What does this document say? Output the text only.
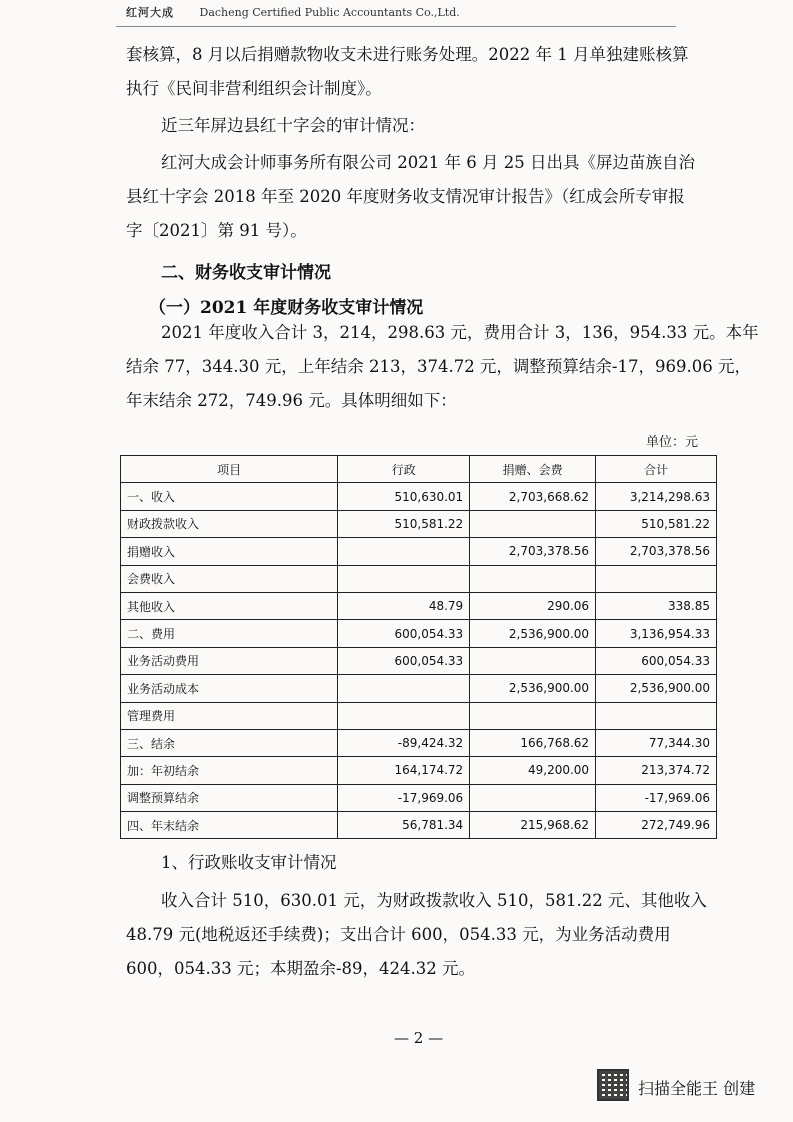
红河大成 Dacheng Certified Public Accountants Co.,Ltd.
套核算，8 月以后捐赠款物收支未进行账务处理。2022 年 1 月单独建账核算
执行《民间非营利组织会计制度》。
近三年屏边县红十字会的审计情况：
红河大成会计师事务所有限公司 2021 年 6 月 25 日出具《屏边苗族自治
县红十字会 2018 年至 2020 年度财务收支情况审计报告》（红成会所专审报
字〔2021〕第 91 号）。
二、财务收支审计情况
（一）2021 年度财务收支审计情况
2021 年度收入合计 3，214，298.63 元，费用合计 3，136，954.33 元。本年
结余 77，344.30 元，上年结余 213，374.72 元，调整预算结余-17，969.06 元，
年末结余 272，749.96 元。具体明细如下：
单位：元
项目	行政	捐赠、会费	合计
一、收入	510,630.01	2,703,668.62	3,214,298.63
财政拨款收入	510,581.22		510,581.22
捐赠收入		2,703,378.56	2,703,378.56
会费收入			
其他收入	48.79	290.06	338.85
二、费用	600,054.33	2,536,900.00	3,136,954.33
业务活动费用	600,054.33		600,054.33
业务活动成本		2,536,900.00	2,536,900.00
管理费用			
三、结余	-89,424.32	166,768.62	77,344.30
加：年初结余	164,174.72	49,200.00	213,374.72
调整预算结余	-17,969.06		-17,969.06
四、年末结余	56,781.34	215,968.62	272,749.96
1、行政账收支审计情况
收入合计 510，630.01 元，为财政拨款收入 510，581.22 元、其他收入
48.79 元(地税返还手续费)；支出合计 600，054.33 元，为业务活动费用
600，054.33 元；本期盈余-89，424.32 元。
— 2 —
扫描全能王 创建
